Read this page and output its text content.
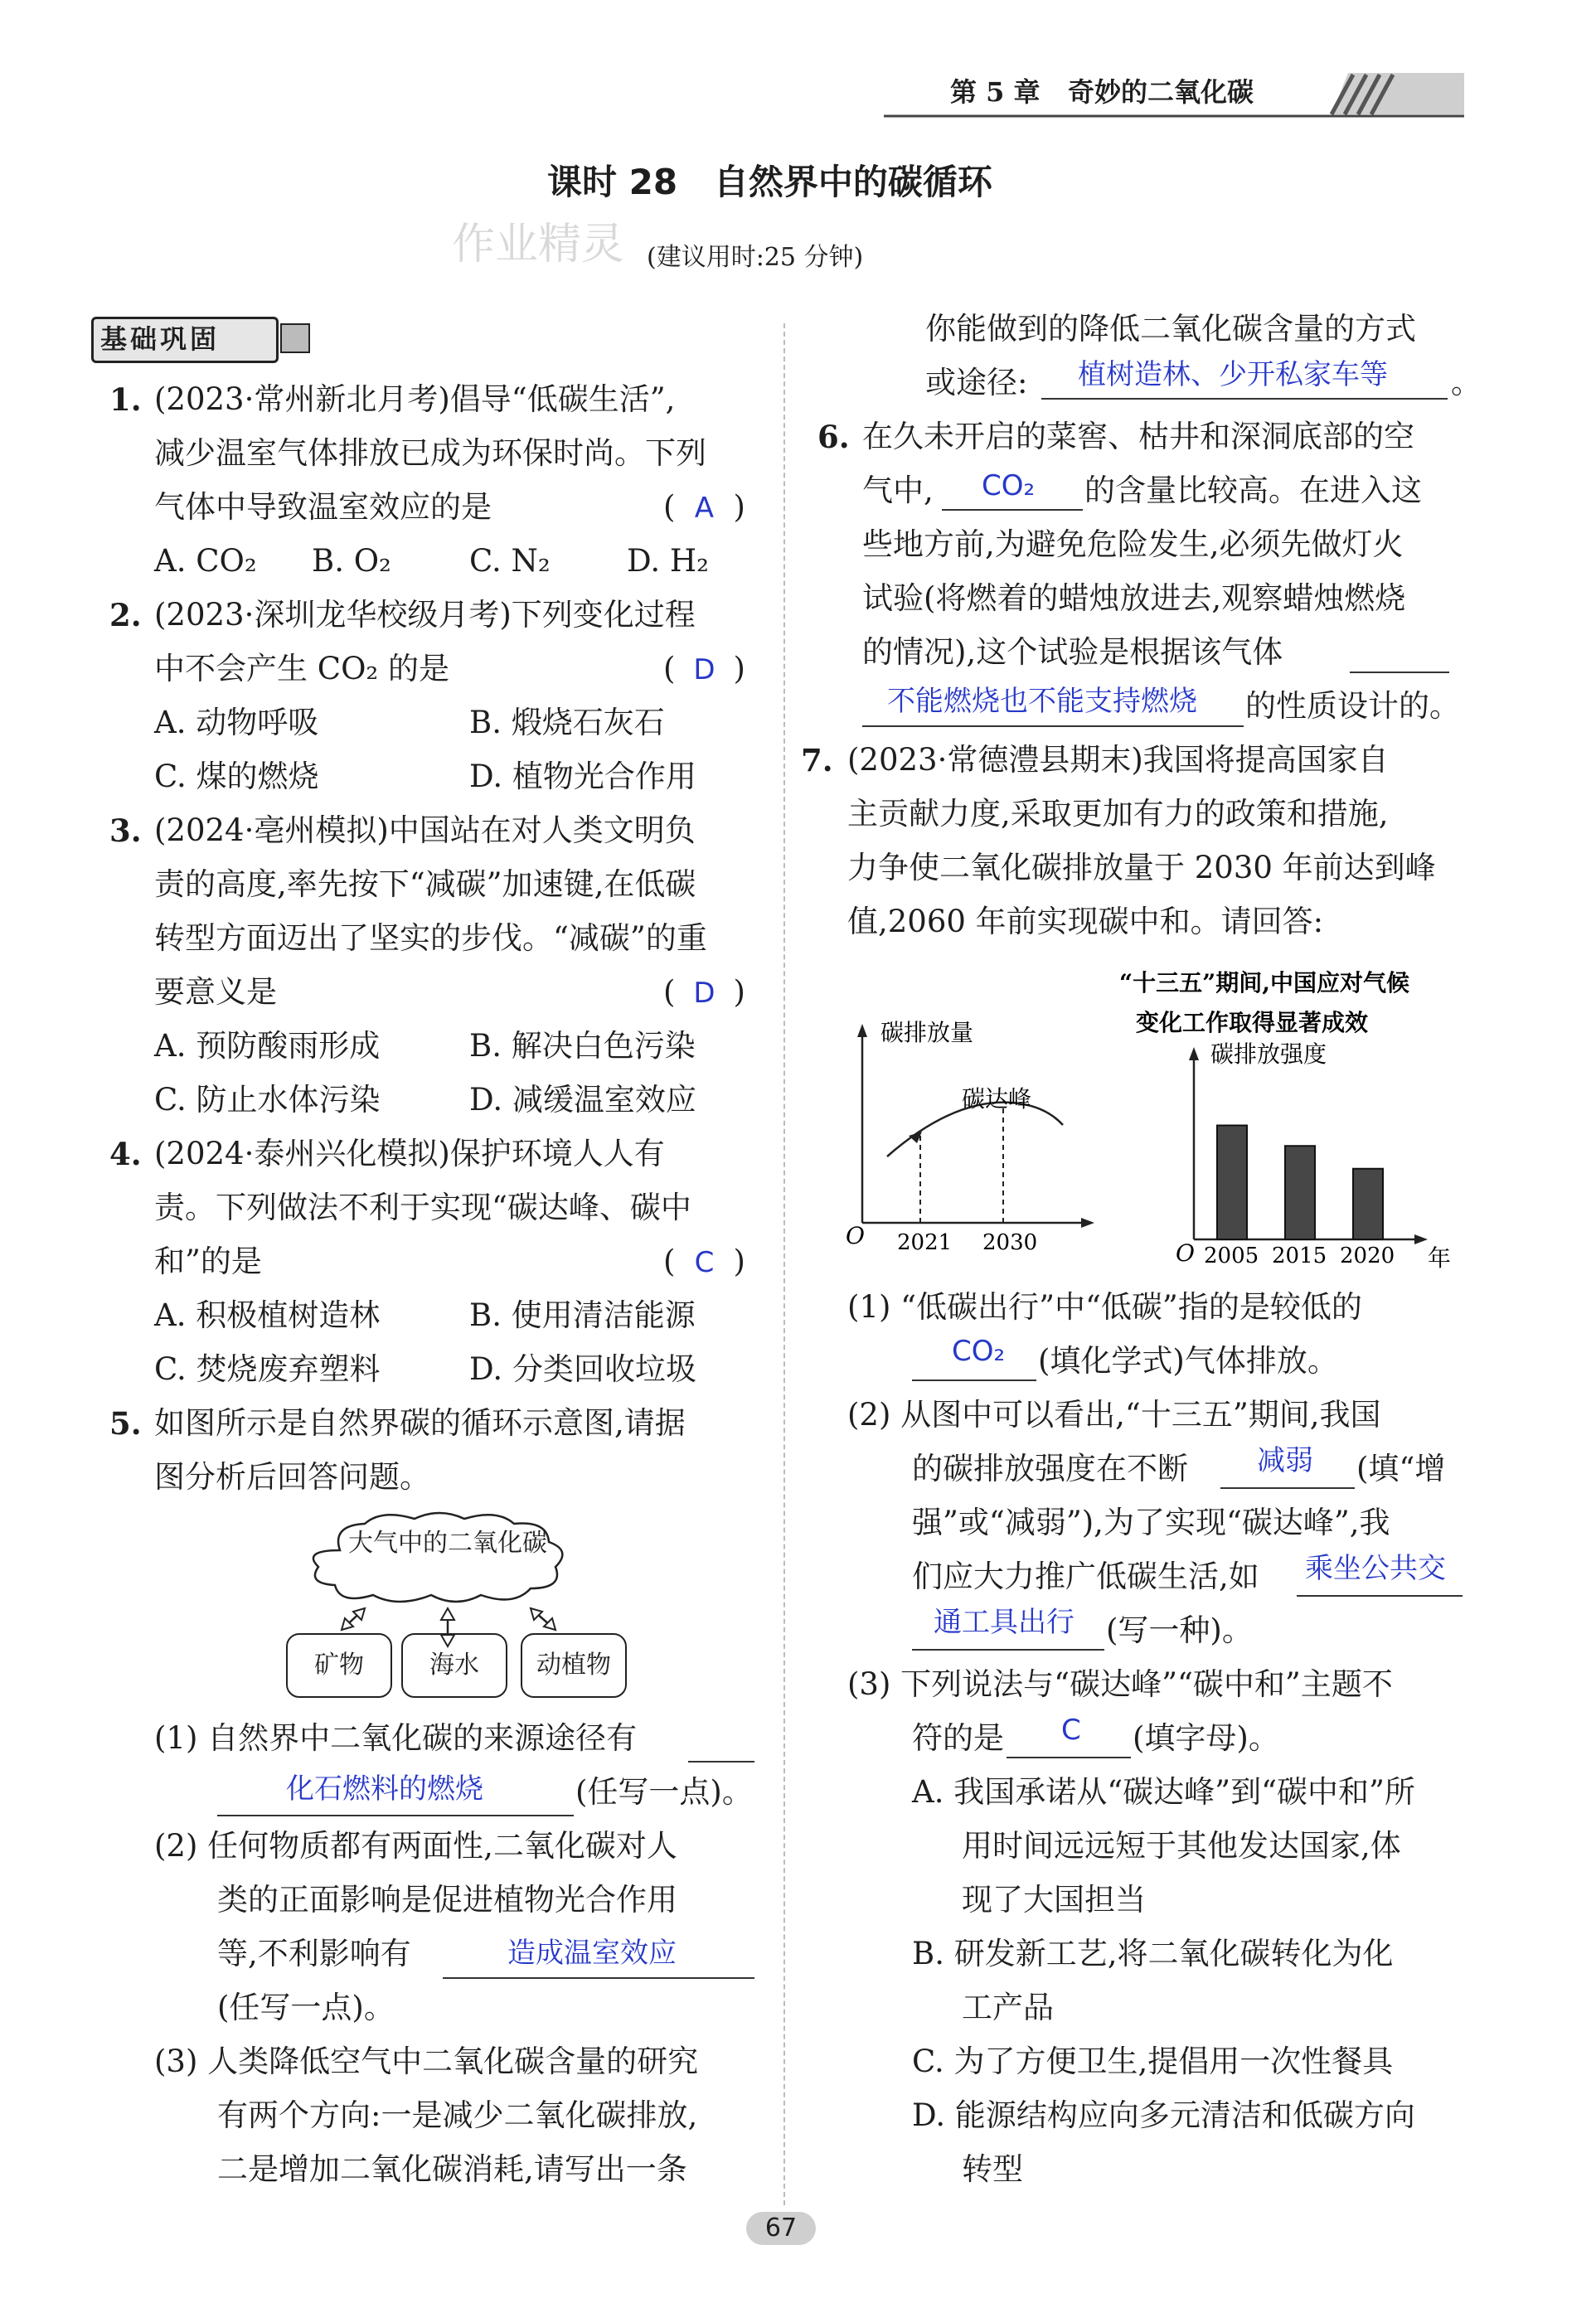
第 5 章   奇妙的二氧化碳
课时 28   自然界中的碳循环
作业精灵 (建议用时:25 分钟)
基础巩固
1. (2023·常州新北月考)倡导“低碳生活”,
减少温室气体排放已成为环保时尚。下列
气体中导致温室效应的是	( A )
A. CO₂ B. O₂	C. N₂ D. H₂
2. (2023·深圳龙华校级月考)下列变化过程
中不会产生 CO₂ 的是	( D )
A. 动物呼吸	B. 煅烧石灰石
C. 煤的燃烧	D. 植物光合作用
3. (2024·亳州模拟)中国站在对人类文明负
责的高度,率先按下“减碳”加速键,在低碳
转型方面迈出了坚实的步伐。“减碳”的重
要意义是	( D )
A. 预防酸雨形成	B. 解决白色污染
C. 防止水体污染	D. 减缓温室效应
4. (2024·泰州兴化模拟)保护环境人人有
责。下列做法不利于实现“碳达峰、碳中
和”的是	( C )
A. 积极植树造林	B. 使用清洁能源
C. 焚烧废弃塑料	D. 分类回收垃圾
5. 如图所示是自然界碳的循环示意图,请据
图分析后回答问题。
大气中的二氧化碳
矿物	海水	动植物
(1) 自然界中二氧化碳的来源途径有
化石燃料的燃烧	(任写一点)。
(2) 任何物质都有两面性,二氧化碳对人
类的正面影响是促进植物光合作用
等,不利影响有	造成温室效应
(任写一点)。
(3) 人类降低空气中二氧化碳含量的研究
有两个方向:一是减少二氧化碳排放,
二是增加二氧化碳消耗,请写出一条
你能做到的降低二氧化碳含量的方式
或途径: 植树造林、少开私家车等 。
6. 在久未开启的菜窖、枯井和深洞底部的空
气中, CO₂ 的含量比较高。在进入这
些地方前,为避免危险发生,必须先做灯火
试验(将燃着的蜡烛放进去,观察蜡烛燃烧
的情况),这个试验是根据该气体
不能燃烧也不能支持燃烧 的性质设计的。
7. (2023·常德澧县期末)我国将提高国家自
主贡献力度,采取更加有力的政策和措施,
力争使二氧化碳排放量于 2030 年前达到峰
值,2060 年前实现碳中和。请回答:
碳排放量
碳达峰
O 2021 2030
“十三五”期间,中国应对气候
变化工作取得显著成效
碳排放强度
O	年
2005 2015 2020
(1) “低碳出行”中“低碳”指的是较低的
CO₂ (填化学式)气体排放。
(2) 从图中可以看出,“十三五”期间,我国
的碳排放强度在不断 减弱 (填“增
强”或“减弱”),为了实现“碳达峰”,我
们应大力推广低碳生活,如 乘坐公共交
通工具出行 (写一种)。
(3) 下列说法与“碳达峰”“碳中和”主题不
符的是 C (填字母)。
A. 我国承诺从“碳达峰”到“碳中和”所
用时间远远短于其他发达国家,体
现了大国担当
B. 研发新工艺,将二氧化碳转化为化
工产品
C. 为了方便卫生,提倡用一次性餐具
D. 能源结构应向多元清洁和低碳方向
转型
67
